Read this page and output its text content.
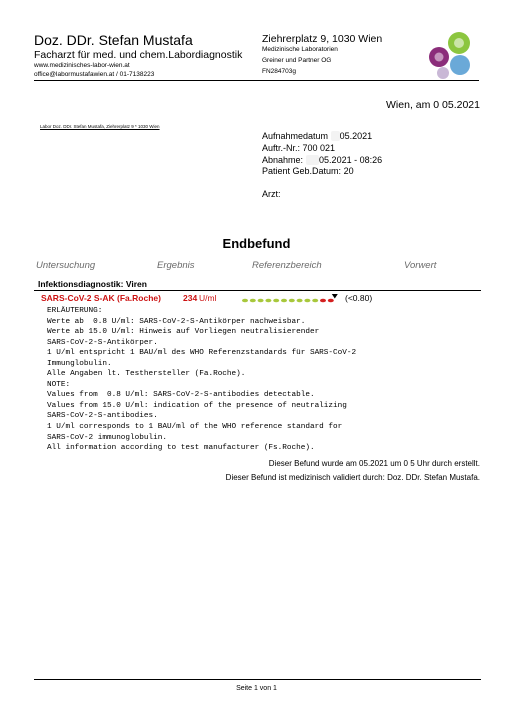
Doz. DDr. Stefan Mustafa
Facharzt für med. und chem.Labordiagnostik
www.medizinisches-labor-wien.at
office@labormustafawien.at / 01-7138223
Ziehrerplatz 9, 1030 Wien
Medizinische Laboratorien
Greiner und Partner OG
FN284703g
Wien, am 0 05.2021
Labor Doz. DDr. Stefan Mustafa, Ziehrerplatz 9 * 1030 Wien
Aufnahmedatum xx05.2021
Auftr.-Nr.: 700 021
Abnahme: xxx05.2021 - 08:26
Patient Geb.Datum: 20
Arzt:
Endbefund
Untersuchung	Ergebnis	Referenzbereich	Vorwert
Infektionsdiagnostik: Viren
SARS-CoV-2 S-AK (Fa.Roche)	234 U/ml	(<0.80)
ERLÄUTERUNG:
Werte ab  0.8 U/ml: SARS-CoV-2-S-Antikörper nachweisbar.
Werte ab 15.0 U/ml: Hinweis auf Vorliegen neutralisierender
SARS-CoV-2-S-Antikörper.
1 U/ml entspricht 1 BAU/ml des WHO Referenzstandards für SARS-CoV-2
Immunglobulin.
Alle Angaben lt. Testhersteller (Fa.Roche).
NOTE:
Values from  0.8 U/ml: SARS-CoV-2-S-antibodies detectable.
Values from 15.0 U/ml: indication of the presence of neutralizing
SARS-CoV-2-S-antibodies.
1 U/ml corresponds to 1 BAU/ml of the WHO reference standard for
SARS-CoV-2 immunoglobulin.
All information according to test manufacturer (Fs.Roche).
Dieser Befund wurde am 05.2021 um 0 5 Uhr durch erstellt.
Dieser Befund ist medizinisch validiert durch: Doz. DDr. Stefan Mustafa.
Seite 1 von 1
